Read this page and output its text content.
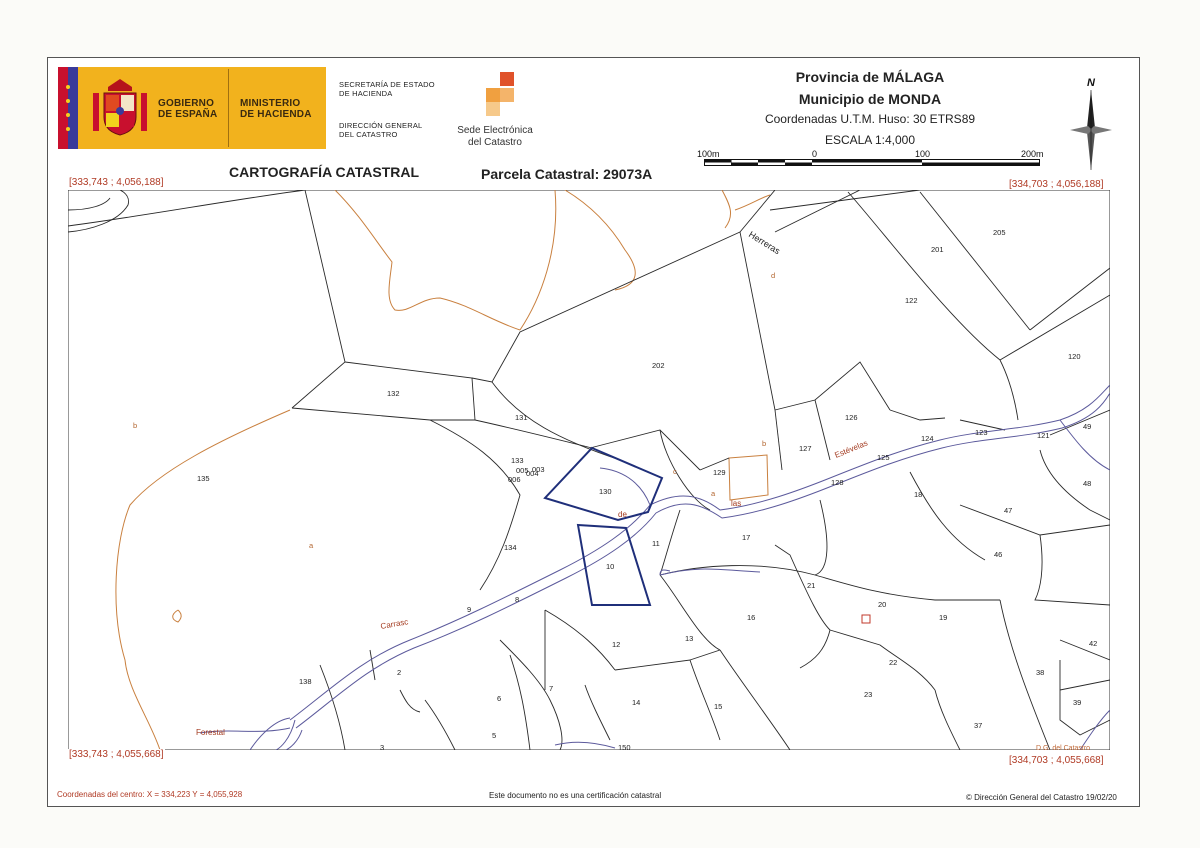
GOBIERNO
DE ESPAÑA
MINISTERIO
DE HACIENDA
SECRETARÍA DE ESTADO
DE HACIENDA
DIRECCIÓN GENERAL
DEL CATASTRO	Sede Electrónica
del Catastro
Provincia de MÁLAGA
Municipio de MONDA
Coordenadas U.T.M. Huso: 30 ETRS89
ESCALA 1:4,000
100m	0	100	200m
N
CARTOGRAFÍA CATASTRAL	Parcela Catastral: 29073A
201
205
122
120
202
132
131	126
127
124
123	121
49
133
005
004
003
006
135
129
125
128
18
48
130
47
134	11
17
46
10
9
8
21
20
19
12
13
16
42
22
138
2
6
7
14	15
23
38
39
37
5
3	150
b
d
b
c
a
a
Herreras
Estévelas
las
de
Carrasc
Forestal
D.G. del Catastro
[333,743 ; 4,056,188]	[334,703 ; 4,056,188]
[333,743 ; 4,055,668]
[334,703 ; 4,055,668]
Coordenadas del centro: X = 334,223 Y = 4,055,928	Este documento no es una certificación catastral	© Dirección General del Catastro 19/02/20
